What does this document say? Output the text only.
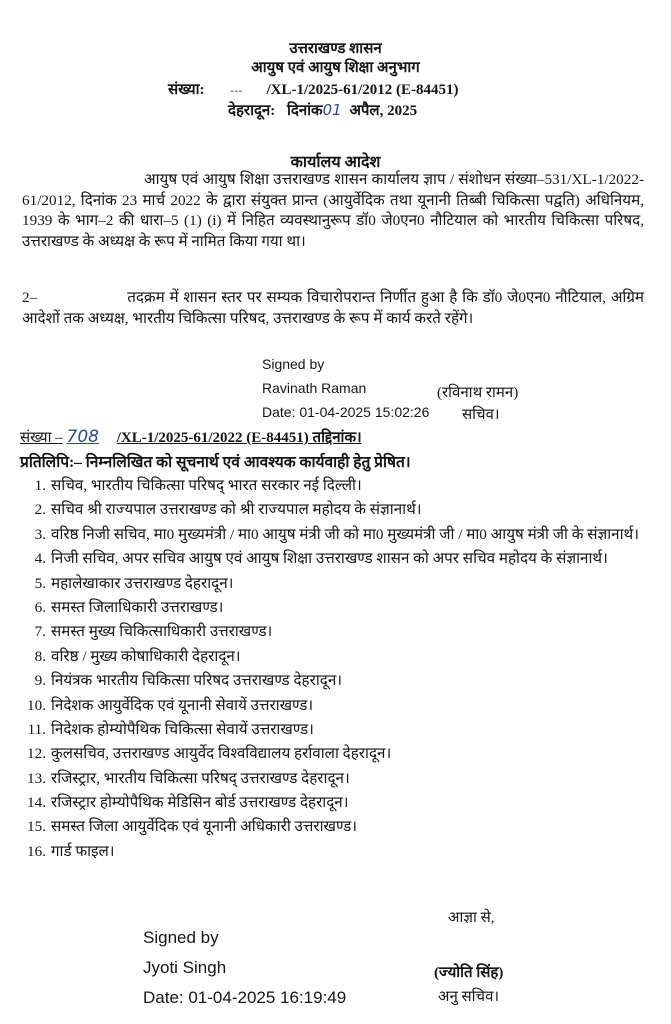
उत्तराखण्ड शासन
आयुष एवं आयुष शिक्षा अनुभाग
संख्या:	--- /XL-1/2025-61/2012 (E-84451)
देहरादून: दिनांक01 अपैल, 2025
कार्यालय आदेश
आयुष एवं आयुष शिक्षा उत्तराखण्ड शासन कार्यालय ज्ञाप / संशोधन संख्या–531/XL-1/2022-61/2012, दिनांक 23 मार्च 2022 के द्वारा संयुक्त प्रान्त (आयुर्वेदिक तथा यूनानी तिब्बी चिकित्सा पद्वति) अधिनियम, 1939 के भाग–2 की धारा–5 (1) (i) में निहित व्यवस्थानुरूप डॉ0 जे0एन0 नौटियाल को भारतीय चिकित्सा परिषद, उत्तराखण्ड के अध्यक्ष के रूप में नामित किया गया था।
2–	तदक्रम में शासन स्तर पर सम्यक विचारोपरान्त निर्णीत हुआ है कि डॉ0 जे0एन0 नौटियाल, अग्रिम आदेशों तक अध्यक्ष, भारतीय चिकित्सा परिषद, उत्तराखण्ड के रूप में कार्य करते रहेंगे।
Signed by
Ravinath Raman
Date: 01-04-2025 15:02:26
(रविनाथ रामन)
सचिव।
संख्या – 708 /XL-1/2025-61/2022 (E-84451) तद्दिनांक।
प्रतिलिपि:– निम्नलिखित को सूचनार्थ एवं आवश्यक कार्यवाही हेतु प्रेषित।
1. सचिव, भारतीय चिकित्सा परिषद् भारत सरकार नई दिल्ली।
2. सचिव श्री राज्यपाल उत्तराखण्ड को श्री राज्यपाल महोदय के संज्ञानार्थ।
3. वरिष्ठ निजी सचिव, मा0 मुख्यमंत्री / मा0 आयुष मंत्री जी को मा0 मुख्यमंत्री जी / मा0 आयुष मंत्री जी के संज्ञानार्थ।
4. निजी सचिव, अपर सचिव आयुष एवं आयुष शिक्षा उत्तराखण्ड शासन को अपर सचिव महोदय के संज्ञानार्थ।
5. महालेखाकार उत्तराखण्ड देहरादून।
6. समस्त जिलाधिकारी उत्तराखण्ड।
7. समस्त मुख्य चिकित्साधिकारी उत्तराखण्ड।
8. वरिष्ठ / मुख्य कोषाधिकारी देहरादून।
9. नियंत्रक भारतीय चिकित्सा परिषद उत्तराखण्ड देहरादून।
10. निदेशक आयुर्वेदिक एवं यूनानी सेवायें उत्तराखण्ड।
11. निदेशक होम्योपैथिक चिकित्सा सेवायें उत्तराखण्ड।
12. कुलसचिव, उत्तराखण्ड आयुर्वेद विश्वविद्यालय हर्रावाला देहरादून।
13. रजिस्ट्रार, भारतीय चिकित्सा परिषद् उत्तराखण्ड देहरादून।
14. रजिस्ट्रार होम्योपैथिक मेडिसिन बोर्ड उत्तराखण्ड देहरादून।
15. समस्त जिला आयुर्वेदिक एवं यूनानी अधिकारी उत्तराखण्ड।
16. गार्ड फाइल।
आज्ञा से,
Signed by
Jyoti Singh
Date: 01-04-2025 16:19:49
(ज्योति सिंह)
अनु सचिव।
